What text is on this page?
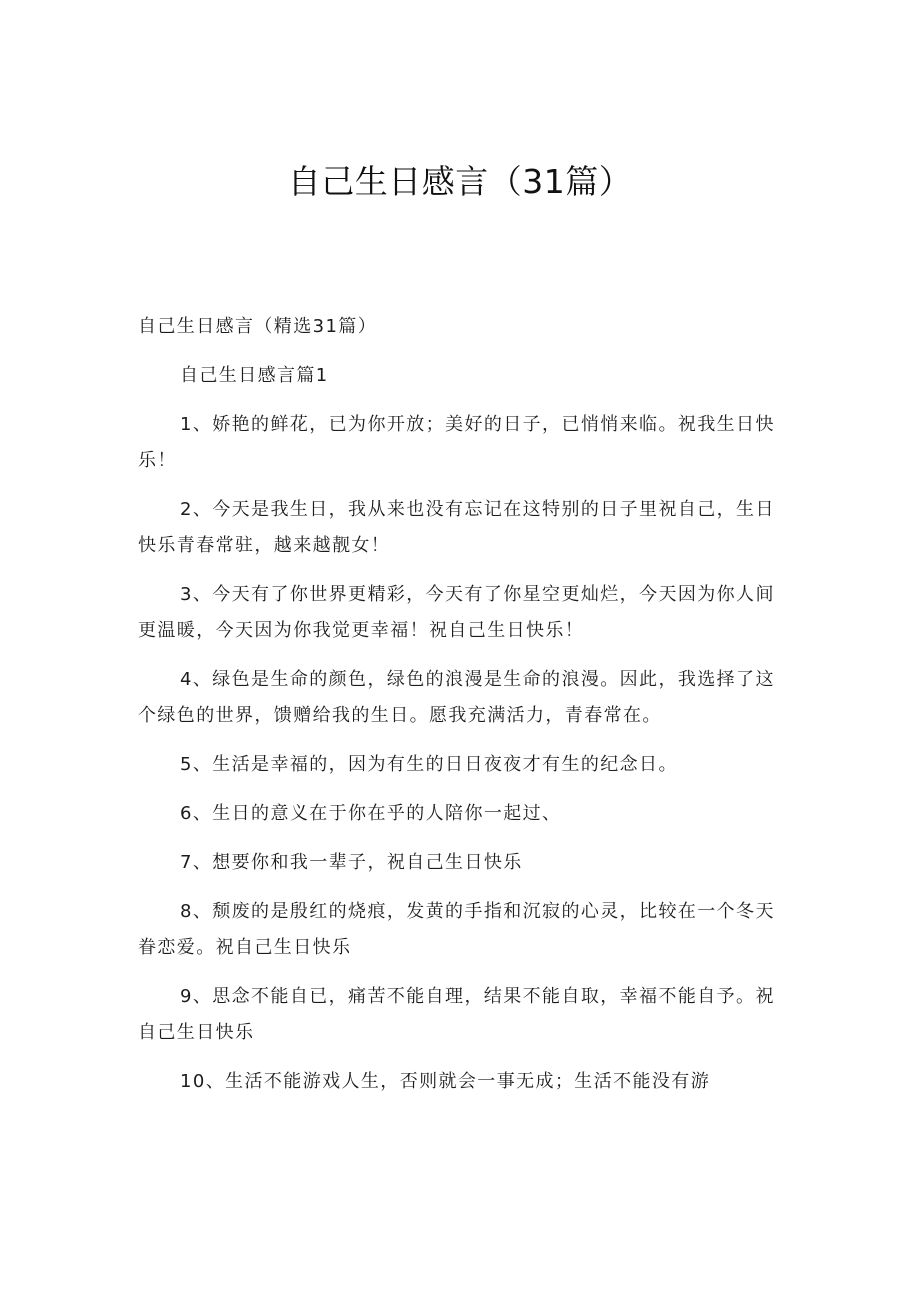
自己生日感言（31篇）
自己生日感言（精选31篇）
自己生日感言篇1
1、娇艳的鲜花，已为你开放；美好的日子，已悄悄来临。祝我生日快
乐！
2、今天是我生日，我从来也没有忘记在这特别的日子里祝自己，生日
快乐青春常驻，越来越靓女！
3、今天有了你世界更精彩，今天有了你星空更灿烂，今天因为你人间
更温暖，今天因为你我觉更幸福！祝自己生日快乐！
4、绿色是生命的颜色，绿色的浪漫是生命的浪漫。因此，我选择了这
个绿色的世界，馈赠给我的生日。愿我充满活力，青春常在。
5、生活是幸福的，因为有生的日日夜夜才有生的纪念日。
6、生日的意义在于你在乎的人陪你一起过、
7、想要你和我一辈子，祝自己生日快乐
8、颓废的是殷红的烧痕，发黄的手指和沉寂的心灵，比较在一个冬天
眷恋爱。祝自己生日快乐
9、思念不能自已，痛苦不能自理，结果不能自取，幸福不能自予。祝
自己生日快乐
10、生活不能游戏人生，否则就会一事无成；生活不能没有游
